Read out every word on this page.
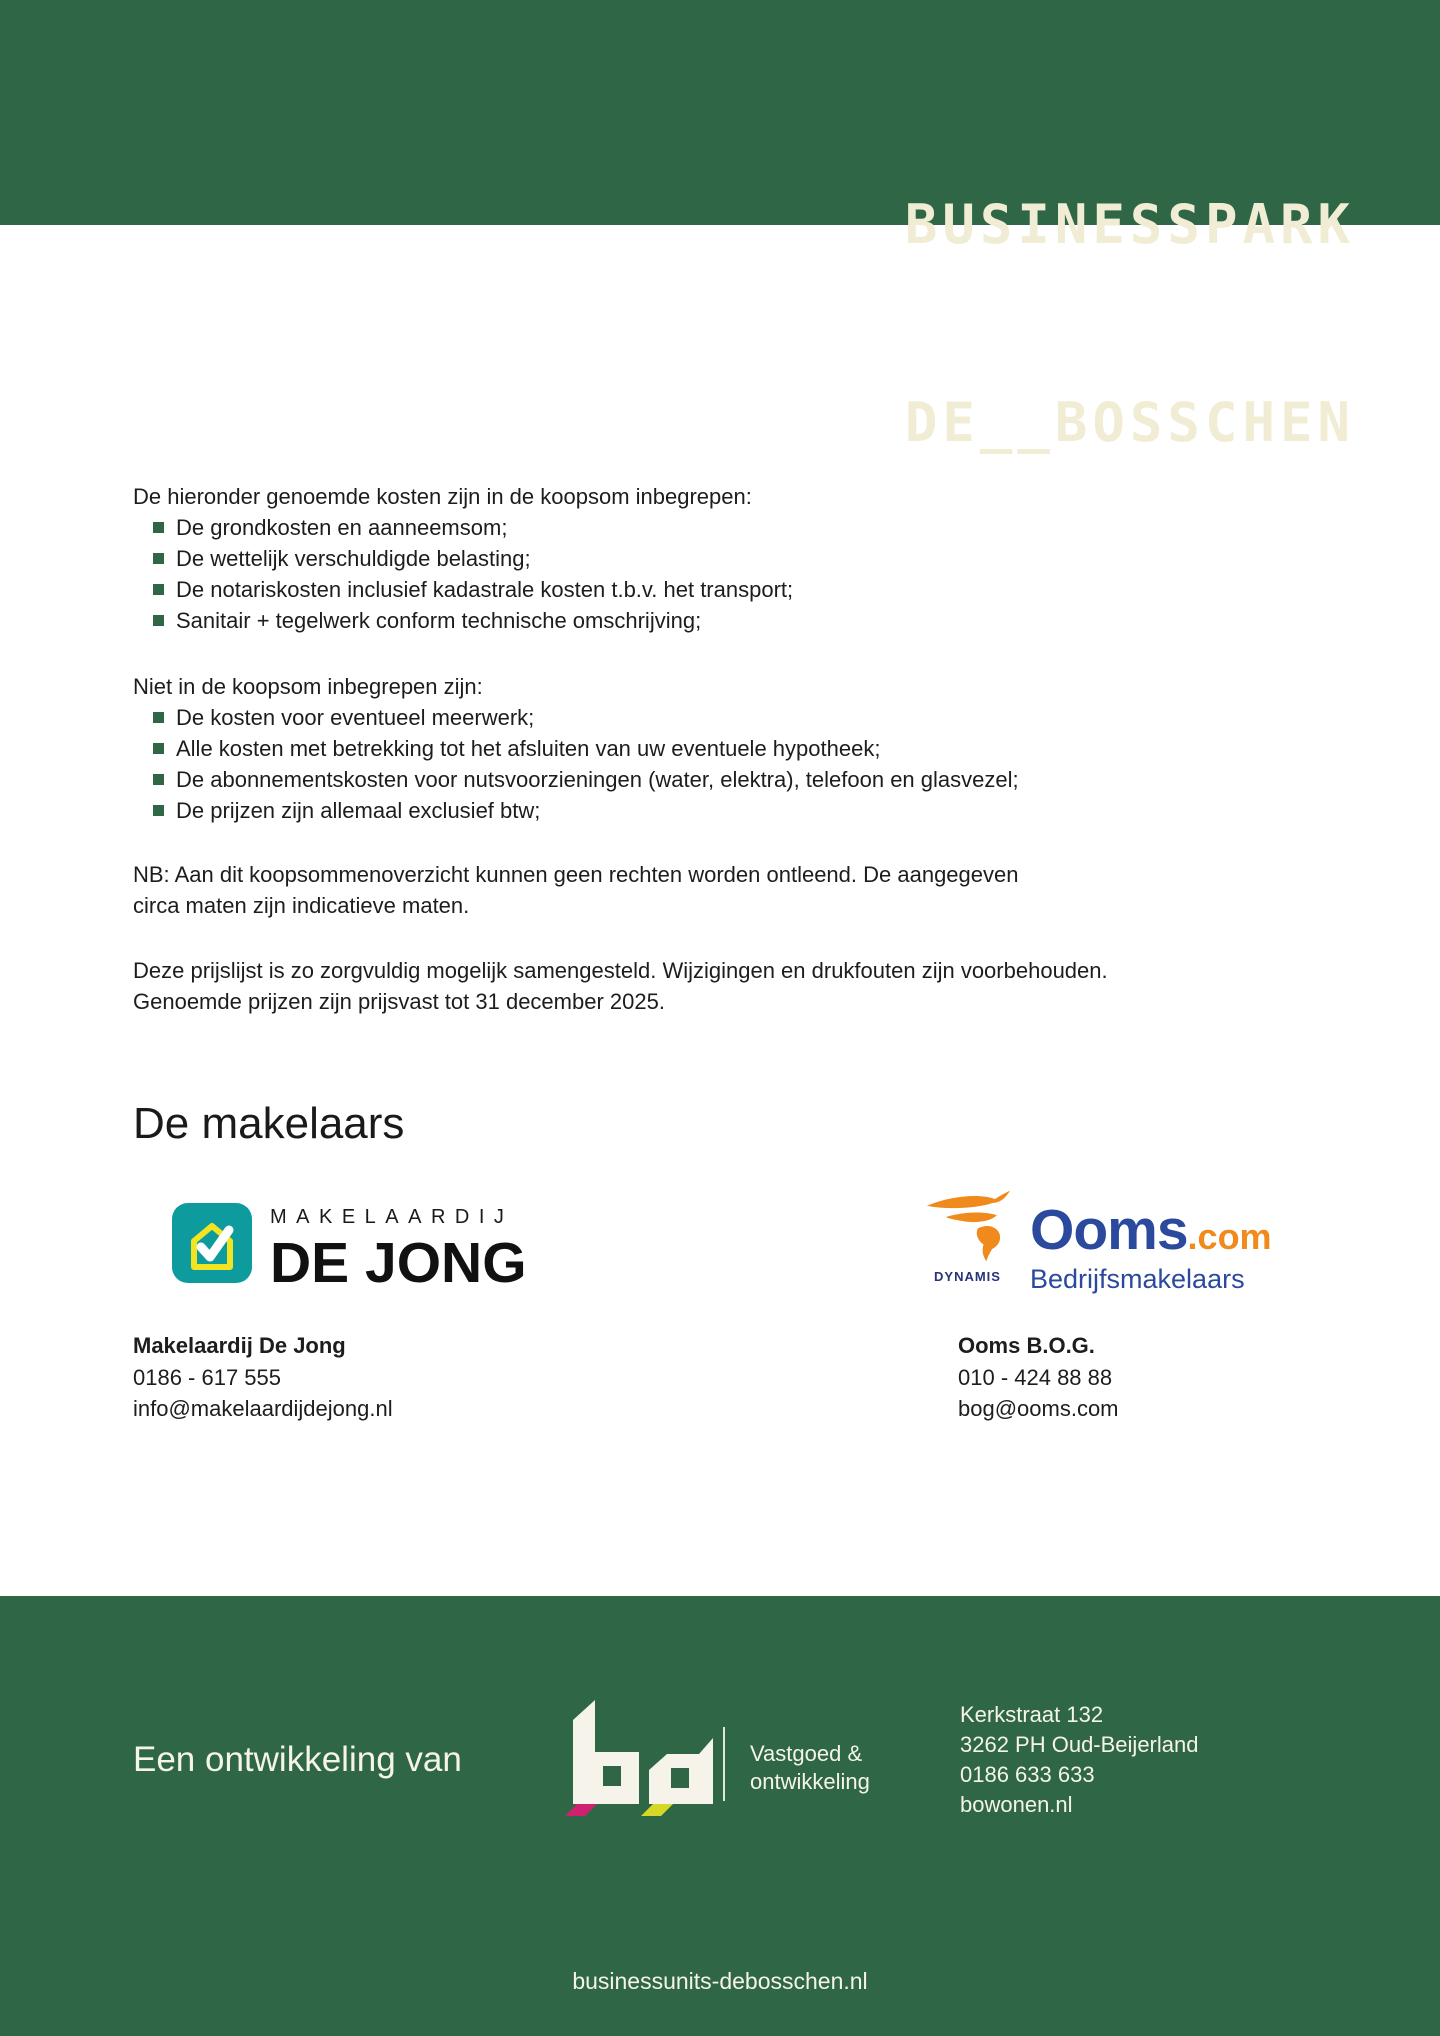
BUSINESSPARK

DE__BOSSCHEN

De hieronder genoemde kosten zijn in de koopsom inbegrepen:
De grondkosten en aanneemsom;
De wettelijk verschuldigde belasting;
De notariskosten inclusief kadastrale kosten t.b.v. het transport;
Sanitair + tegelwerk conform technische omschrijving;
Niet in de koopsom inbegrepen zijn:
De kosten voor eventueel meerwerk;
Alle kosten met betrekking tot het afsluiten van uw eventuele hypotheek;
De abonnementskosten voor nutsvoorzieningen (water, elektra), telefoon en glasvezel;
De prijzen zijn allemaal exclusief btw;
NB: Aan dit koopsommenoverzicht kunnen geen rechten worden ontleend. De aangegeven
circa maten zijn indicatieve maten.
Deze prijslijst is zo zorgvuldig mogelijk samengesteld. Wijzigingen en drukfouten zijn voorbehouden.
Genoemde prijzen zijn prijsvast tot 31 december 2025.
De makelaars
MAKELAARDIJ
DE JONG	DYNAMIS
Ooms .com
Bedrijfsmakelaars
Makelaardij De Jong
0186 - 617 555
info@makelaardijdejong.nl
Ooms B.O.G.
010 - 424 88 88
bog@ooms.com
Een ontwikkeling van	Vastgoed &
ontwikkeling
Kerkstraat 132
3262 PH Oud-Beijerland
0186 633 633
bowonen.nl
businessunits-debosschen.nl
